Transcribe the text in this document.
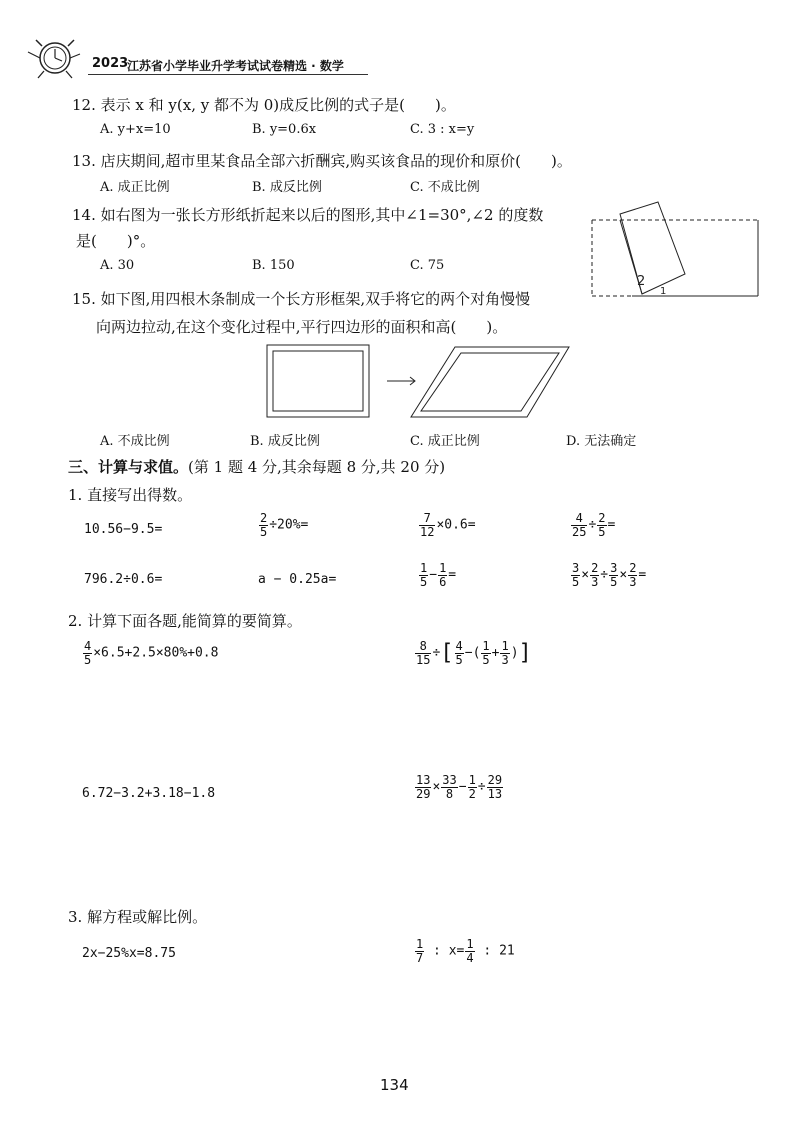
2023
江苏省小学毕业升学考试试卷精选 · 数学
12. 表示 x 和 y(x, y 都不为 0)成反比例的式子是(　　)。
A. y+x=10	B. y=0.6x	C. 3 : x=y
13. 店庆期间,超市里某食品全部六折酬宾,购买该食品的现价和原价(　　)。
A. 成正比例	B. 成反比例	C. 不成比例
14. 如右图为一张长方形纸折起来以后的图形,其中∠1=30°,∠2 的度数
是(　　)°。
A. 30	B. 150	C. 75
2
1
15. 如下图,用四根木条制成一个长方形框架,双手将它的两个对角慢慢
向两边拉动,在这个变化过程中,平行四边形的面积和高(　　)。
A. 不成比例	B. 成反比例	C. 成正比例	D. 无法确定
三、计算与求值。(第 1 题 4 分,其余每题 8 分,共 20 分)
1. 直接写出得数。
10.56−9.5=	$\frac{2}{5} \div 20\%=$	$\frac{7}{12} \times 0.6=$	$\frac{4}{25} \div \frac{2}{5}$ =
796.2÷0.6=	a − 0.25a=	$\frac{1}{5} - \frac{1}{6}$ =	$\frac{3}{5} \times \frac{2}{3} \div \frac{3}{5} \times \frac{2}{3}$ =
2. 计算下面各题,能简算的要简算。
$\frac{4}{5} \times 6.5+2.5\times 80\%+0.8$	$\frac{8}{15}$ ÷[ $\frac{4}{5}$ −( $\frac{1}{5} + \frac{1}{3}$ )]
6.72−3.2+3.18−1.8	$\frac{13}{29} \times \frac{33}{8} - \frac{1}{2} \div \frac{29}{13}$
3. 解方程或解比例。
2x−25%x=8.75	$\frac{1}{7}$ : $x= \frac{1}{4}$ : 21
134
